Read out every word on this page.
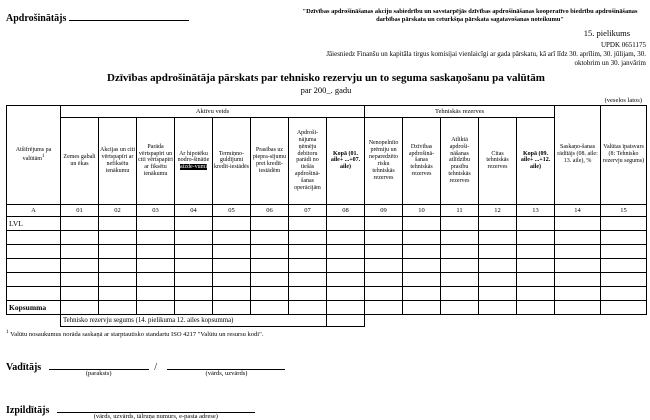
Apdrošinātājs
"Dzīvības apdrošināšanas akciju sabiedrību un savstarpējās dzīvības apdrošināšanas kooperatīvo biedrību apdrošināšanas darbības pārskata un ceturkšņa pārskata sagatavošanas noteikumu"
15. pielikums
UPDK 0651175
Jāiesniedz Finanšu un kapitāla tirgus komisijai vienlaicīgi ar gada pārskatu, kā arī līdz 30. aprīlim, 30. jūlijam, 30. oktobrim un 30. janvārim
Dzīvības apdrošinātāja pārskats par tehnisko rezervju un to seguma saskaņošanu pa valūtām
par 200_. gadu
(veselos latos)
Atšifrējums pa valūtām$^1$	Aktīvu veids								Tehniskās rezerves					Saskaņo-šanas rādītājs (08. aile: 13. aile), %	Valūtas īpatsvars (8: Tehnisko rezervju segums)
	Zemes gabali un ēkas	Akcijas un citi vērtspapīri ar nefiksētu ienākumu	Parāda vērtspapīri un citi vērtspapīri ar fiksētu ienākumu	Ar hipotēku nodro-šinātie aizde-vumi	Termiņno-guldījumi kredīt-iestādēs	Prasības uz piepra-sījumu pret kredīt-iestādēm	Apdroši-nājuma ņēmēju debitoru parādi no tiešās apdrošinā-šanas operācijām	Kopā (01. aile+ ...+07. aile)	Nenopelnīto prēmiju un neparedzēto risku tehniskās rezerves	Dzīvības apdrošinā-šanas tehniskās rezerves	Atliktā apdroši-nāšanas atlīdzību prasību tehniskās rezerves	Citas tehniskās rezerves	Kopā (09. aile+ ...+12. aile)		
A	01	02	03	04	05	06	07	08	09	10	11	12	13	14	15
LVL															

Kopsumma															
	Tehnisko rezervju segums (14. pielikuma 12. ailes kopsumma)														
$^1$ Valūtu nosaukumus norāda saskaņā ar starptautisko standartu ISO 4217 "Valūtu un resursu kodi".
Vadītājs
(paraksts)
/
(vārds, uzvārds)
Izpildītājs
(vārds, uzvārds, tālruņa numurs, e-pasta adrese)
